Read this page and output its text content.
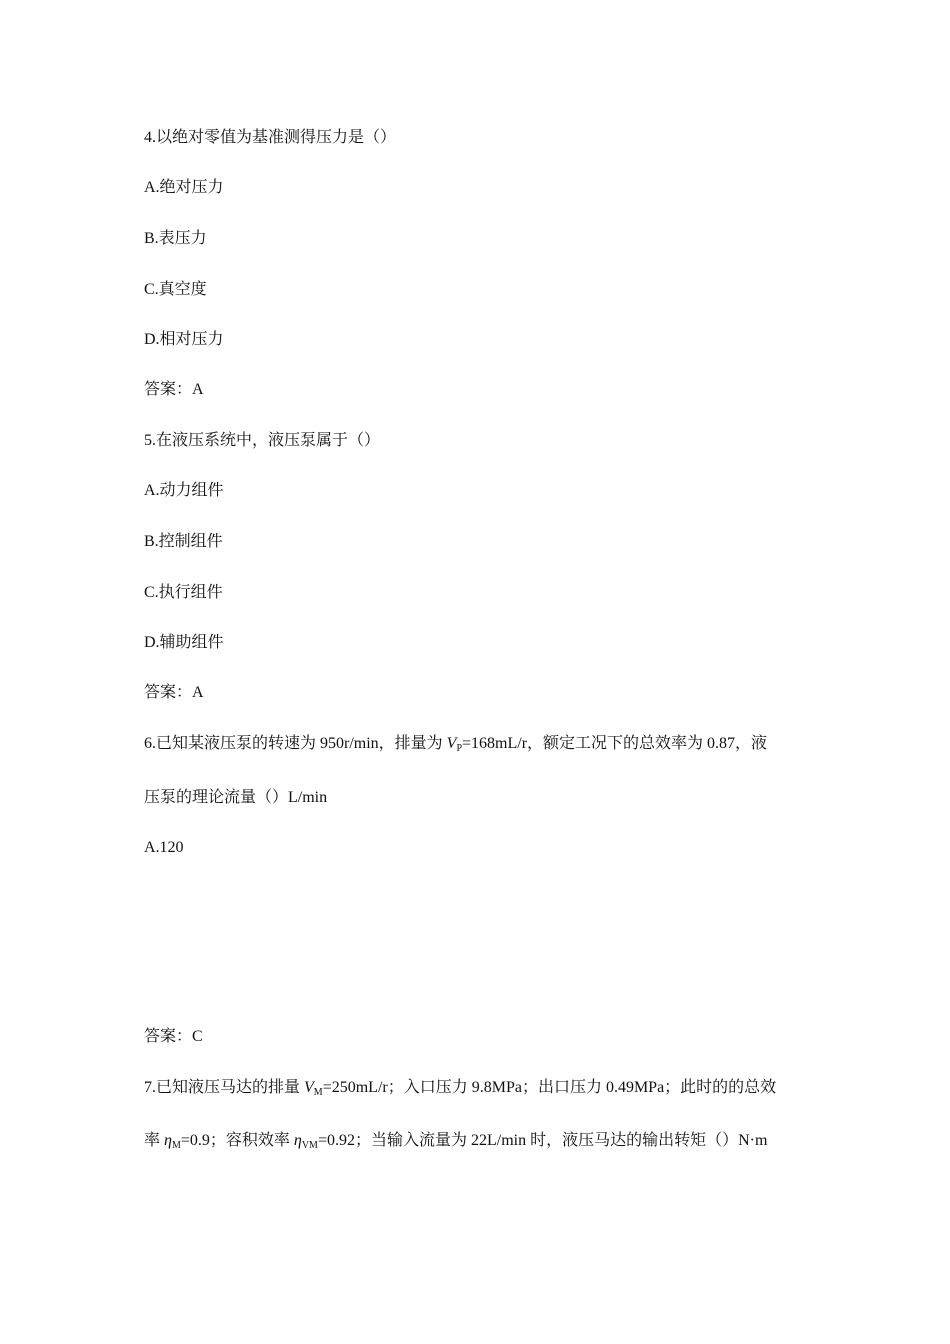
4.以绝对零值为基准测得压力是（）
A.绝对压力
B.表压力
C.真空度
D.相对压力
答案：A
5.在液压系统中，液压泵属于（）
A.动力组件
B.控制组件
C.执行组件
D.辅助组件
答案：A
6.已知某液压泵的转速为 950r/min，排量为 VP=168mL/r，额定工况下的总效率为 0.87，液
压泵的理论流量（）L/min
A.120
答案：C
7.已知液压马达的排量 VM=250mL/r；入口压力 9.8MPa；出口压力 0.49MPa；此时的的总效
率 ηM=0.9；容积效率 ηVM=0.92；当输入流量为 22L/min 时，液压马达的输出转矩（）N·m
